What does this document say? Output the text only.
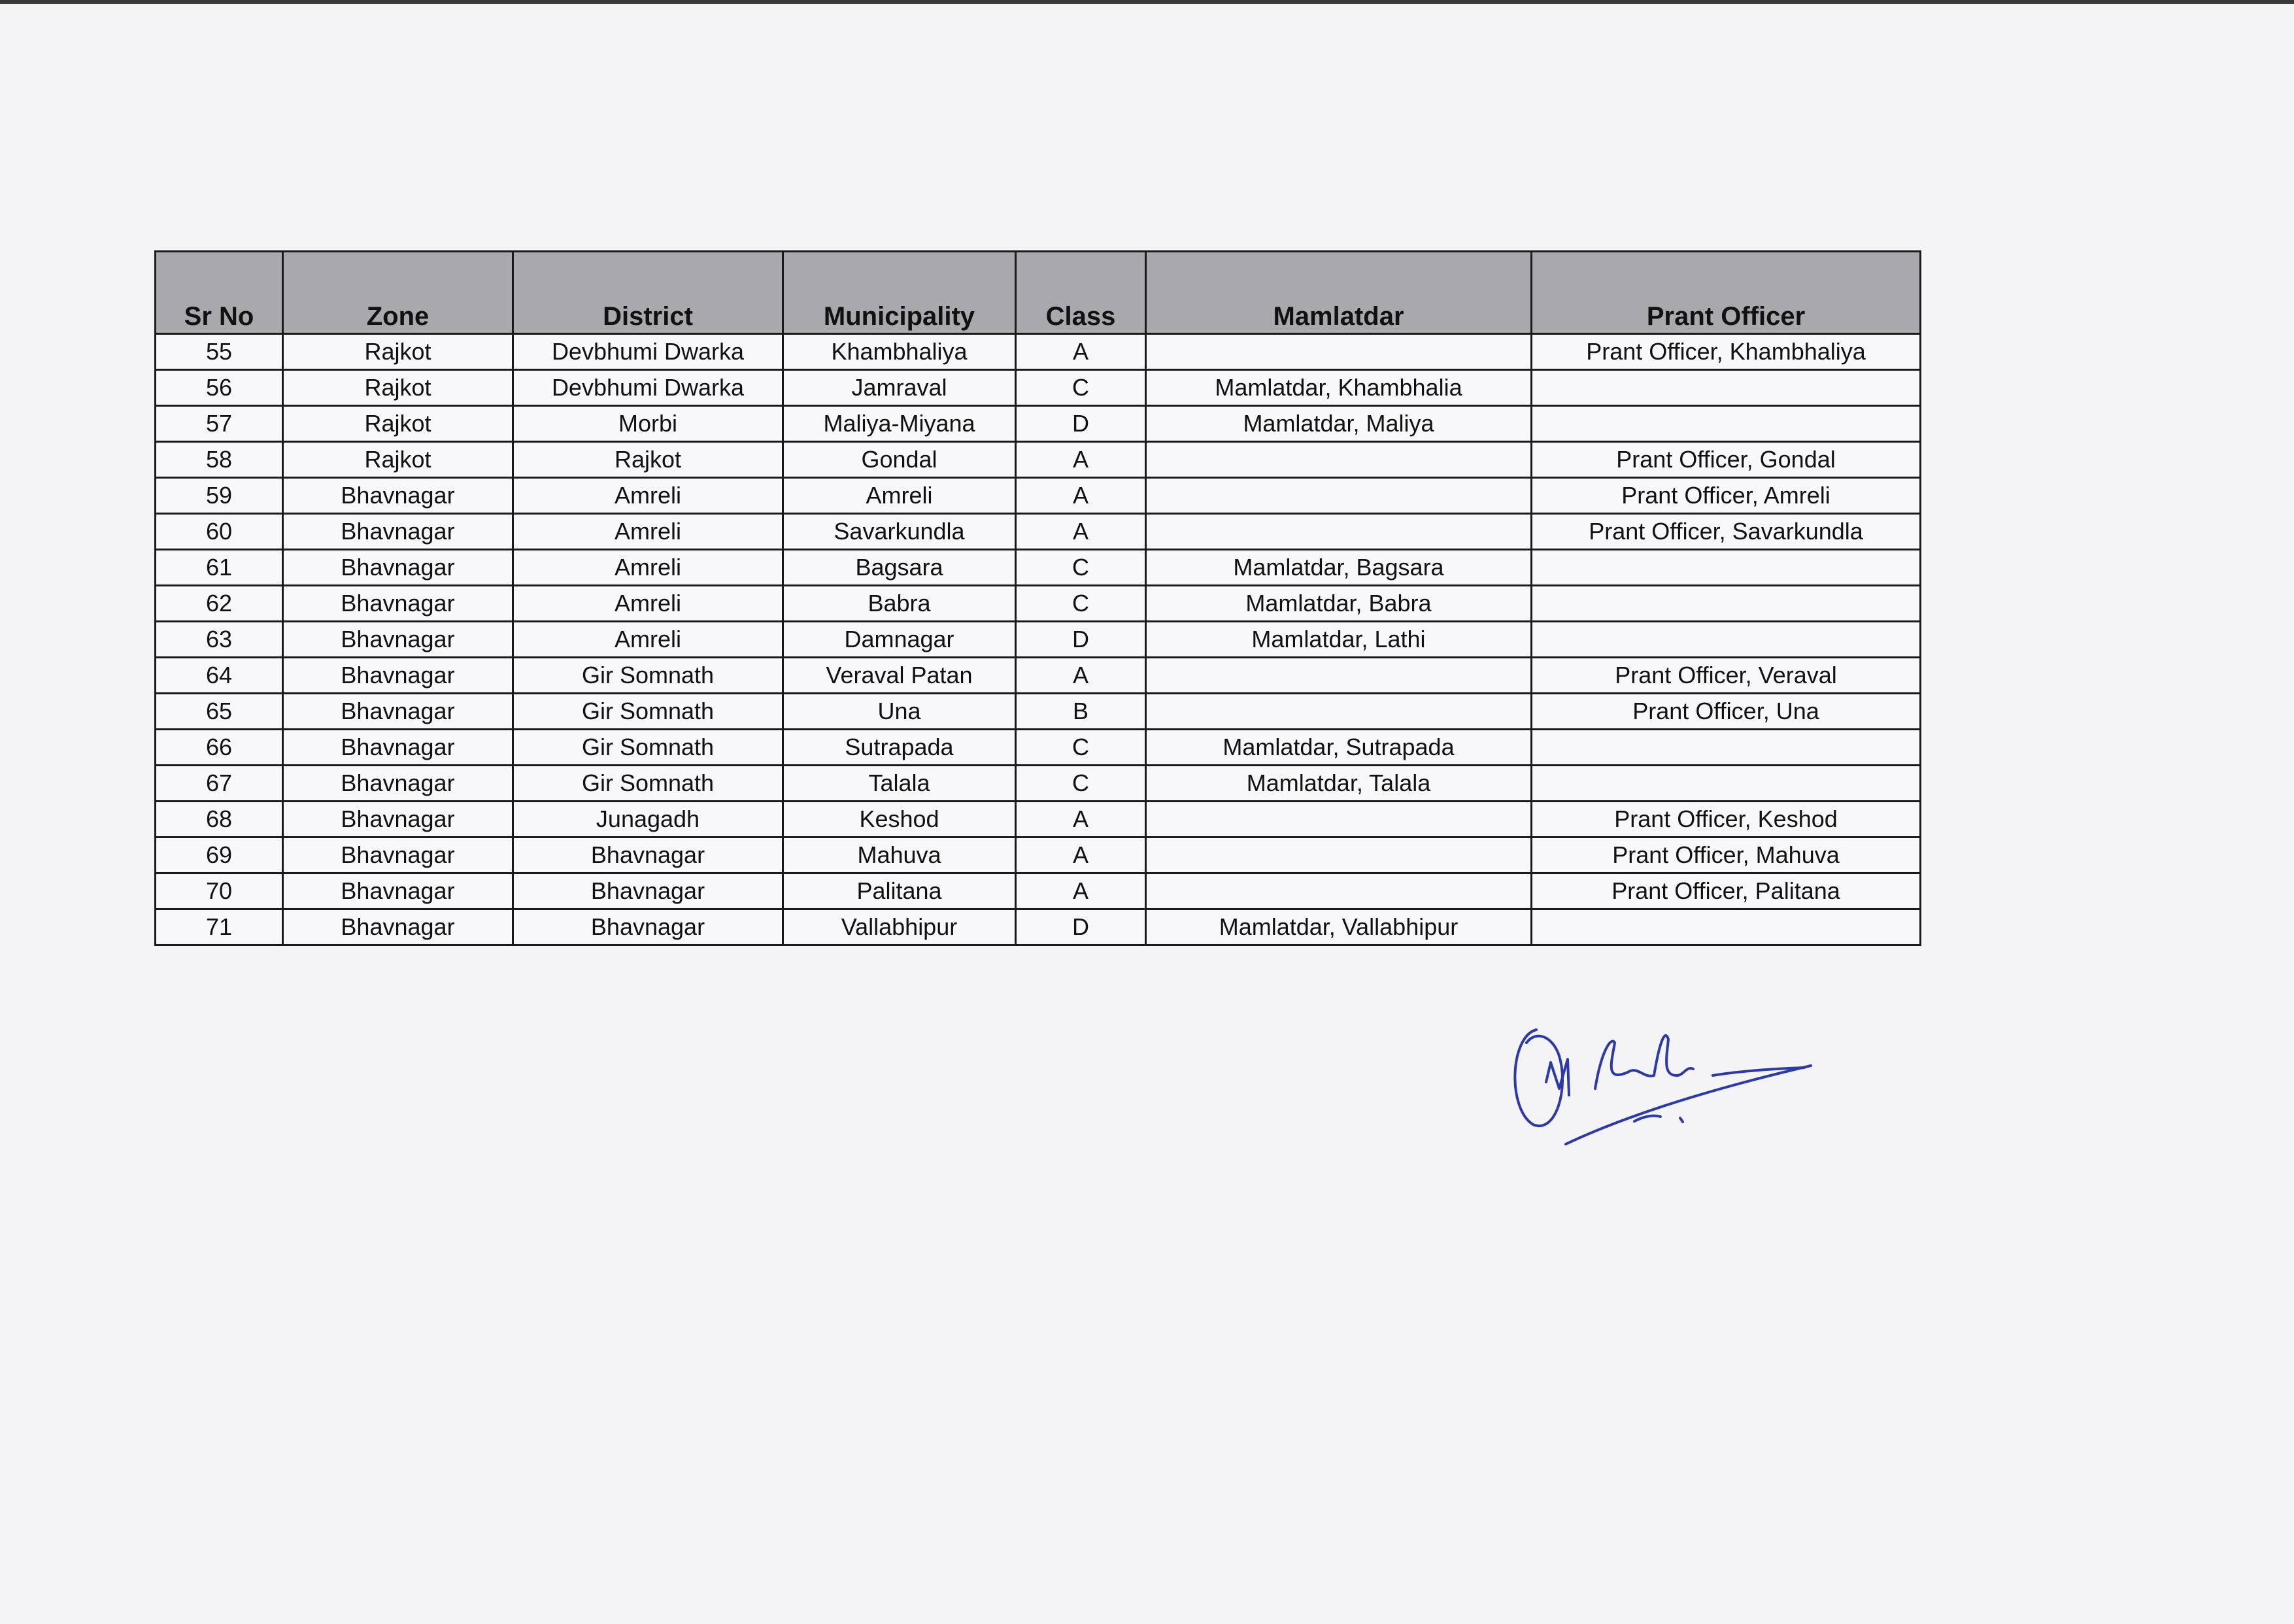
Sr No	Zone	District	Municipality	Class	Mamlatdar	Prant Officer
55	Rajkot	Devbhumi Dwarka	Khambhaliya	A		Prant Officer, Khambhaliya
56	Rajkot	Devbhumi Dwarka	Jamraval	C	Mamlatdar, Khambhalia	
57	Rajkot	Morbi	Maliya-Miyana	D	Mamlatdar, Maliya	
58	Rajkot	Rajkot	Gondal	A		Prant Officer, Gondal
59	Bhavnagar	Amreli	Amreli	A		Prant Officer, Amreli
60	Bhavnagar	Amreli	Savarkundla	A		Prant Officer, Savarkundla
61	Bhavnagar	Amreli	Bagsara	C	Mamlatdar, Bagsara	
62	Bhavnagar	Amreli	Babra	C	Mamlatdar, Babra	
63	Bhavnagar	Amreli	Damnagar	D	Mamlatdar, Lathi	
64	Bhavnagar	Gir Somnath	Veraval Patan	A		Prant Officer, Veraval
65	Bhavnagar	Gir Somnath	Una	B		Prant Officer, Una
66	Bhavnagar	Gir Somnath	Sutrapada	C	Mamlatdar, Sutrapada	
67	Bhavnagar	Gir Somnath	Talala	C	Mamlatdar, Talala	
68	Bhavnagar	Junagadh	Keshod	A		Prant Officer, Keshod
69	Bhavnagar	Bhavnagar	Mahuva	A		Prant Officer, Mahuva
70	Bhavnagar	Bhavnagar	Palitana	A		Prant Officer, Palitana
71	Bhavnagar	Bhavnagar	Vallabhipur	D	Mamlatdar, Vallabhipur	
